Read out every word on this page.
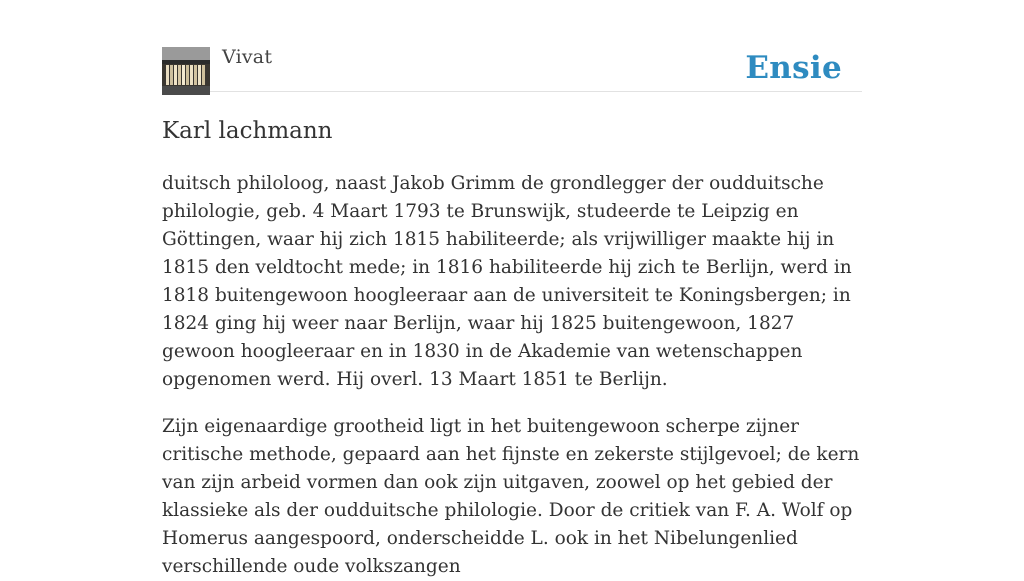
Vivat	Ensie
Karl lachmann

duitsch philoloog, naast Jakob Grimm de grondlegger der oudduitsche philologie, geb. 4 Maart 1793 te Brunswijk, studeerde te Leipzig en Göttingen, waar hij zich 1815 habiliteerde; als vrijwilliger maakte hij in 1815 den veldtocht mede; in 1816 habiliteerde hij zich te Berlijn, werd in 1818 buitengewoon hoogleeraar aan de universiteit te Koningsbergen; in 1824 ging hij weer naar Berlijn, waar hij 1825 buitengewoon, 1827 gewoon hoogleeraar en in 1830 in de Akademie van wetenschappen opgenomen werd. Hij overl. 13 Maart 1851 te Berlijn.

Zijn eigenaardige grootheid ligt in het buitengewoon scherpe zijner critische methode, gepaard aan het fijnste en zekerste stijlgevoel; de kern van zijn arbeid vormen dan ook zijn uitgaven, zoowel op het gebied der klassieke als der oudduitsche philologie. Door de critiek van F. A. Wolf op Homerus aangespoord, onderscheidde L. ook in het Nibelungenlied verschillende oude volkszangen
